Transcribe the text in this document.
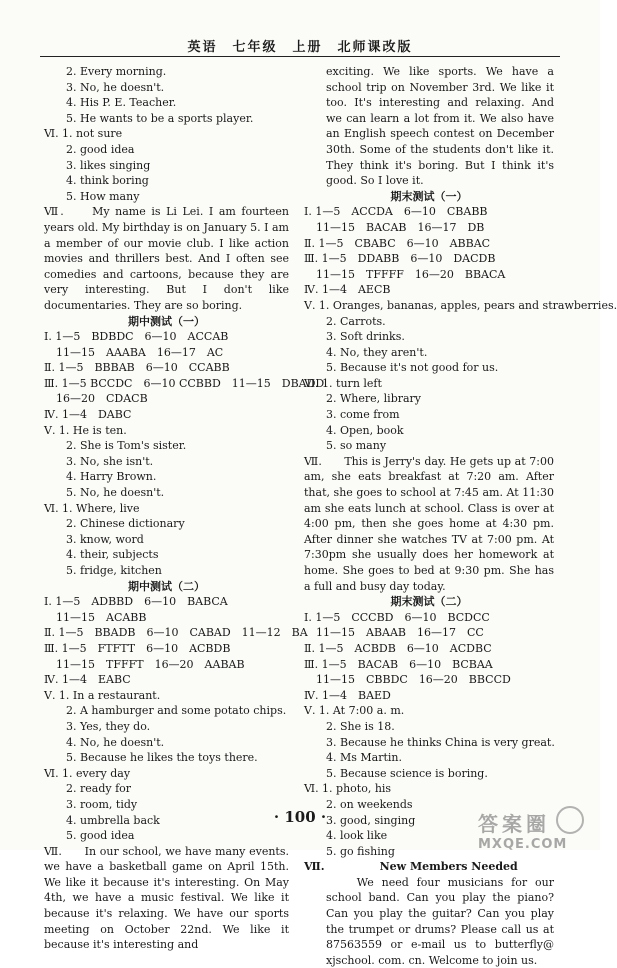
英语　七年级　上册　北师课改版
2. Every morning.
3. No, he doesn't.
4. His P. E. Teacher.
5. He wants to be a sports player.
Ⅵ. 1. not sure
2. good idea
3. likes singing
4. think boring
5. How many
Ⅶ.　　My name is Li Lei. I am fourteen years old. My birthday is on January 5. I am a member of our movie club. I like action movies and thrillers best. And I often see comedies and cartoons, because they are very interesting. But I don't like documentaries. They are so boring.
期中测试（一）
Ⅰ. 1—5　BDBDC　6—10　ACCAB
11—15　AAABA　16—17　AC
Ⅱ. 1—5　BBBAB　6—10　CCABB
Ⅲ. 1—5 BCCDC　6—10 CCBBD　11—15　DBADD
16—20　CDACB
Ⅳ. 1—4　DABC
Ⅴ. 1. He is ten.
2. She is Tom's sister.
3. No, she isn't.
4. Harry Brown.
5. No, he doesn't.
Ⅵ. 1. Where, live
2. Chinese dictionary
3. know, word
4. their, subjects
5. fridge, kitchen
期中测试（二）
Ⅰ. 1—5　ADBBD　6—10　BABCA
11—15　ACABB
Ⅱ. 1—5　BBADB　6—10　CABAD　11—12　BA
Ⅲ. 1—5　FTFTT　6—10　ACBDB
11—15　TFFFT　16—20　AABAB
Ⅳ. 1—4　EABC
Ⅴ. 1. In a restaurant.
2. A hamburger and some potato chips.
3. Yes, they do.
4. No, he doesn't.
5. Because he likes the toys there.
Ⅵ. 1. every day
2. ready for
3. room, tidy
4. umbrella back
5. good idea
Ⅶ.　　In our school, we have many events. we have a basketball game on April 15th. We like it because it's interesting. On May 4th, we have a music festival. We like it because it's relaxing. We have our sports meeting on October 22nd. We like it because it's interesting and
exciting. We like sports. We have a school trip on November 3rd. We like it too. It's interesting and relaxing. And we can learn a lot from it. We also have an English speech contest on December 30th. Some of the students don't like it. They think it's boring. But I think it's good. So I love it.
期末测试（一）
Ⅰ. 1—5　ACCDA　6—10　CBABB
11—15　BACAB　16—17　DB
Ⅱ. 1—5　CBABC　6—10　ABBAC
Ⅲ. 1—5　DDABB　6—10　DACDB
11—15　TFFFF　16—20　BBACA
Ⅳ. 1—4　AECB
Ⅴ. 1. Oranges, bananas, apples, pears and strawberries.
2. Carrots.
3. Soft drinks.
4. No, they aren't.
5. Because it's not good for us.
Ⅵ. 1. turn left
2. Where, library
3. come from
4. Open, book
5. so many
Ⅶ.　　This is Jerry's day. He gets up at 7:00 am, she eats breakfast at 7:20 am. After that, she goes to school at 7:45 am. At 11:30 am she eats lunch at school. Class is over at 4:00 pm, then she goes home at 4:30 pm. After dinner she watches TV at 7:00 pm. At 7:30pm she usually does her homework at home. She goes to bed at 9:30 pm. She has a full and busy day today.
期末测试（二）
Ⅰ. 1—5　CCCBD　6—10　BCDCC
11—15　ABAAB　16—17　CC
Ⅱ. 1—5　ACBDB　6—10　ACDBC
Ⅲ. 1—5　BACAB　6—10　BCBAA
11—15　CBBDC　16—20　BBCCD
Ⅳ. 1—4　BAED
Ⅴ. 1. At 7:00 a. m.
2. She is 18.
3. Because he thinks China is very great.
4. Ms Martin.
5. Because science is boring.
Ⅵ. 1. photo, his
2. on weekends
3. good, singing
4. look like
5. go fishing
Ⅶ.　　　　　New Members Needed
　　We need four musicians for our school band. Can you play the piano? Can you play the guitar? Can you play the trumpet or drums? Please call us at 87563559 or e-mail us to butterfly@ xjschool. com. cn. Welcome to join us.
· 100 ·	答案圈
MXQE.COM
